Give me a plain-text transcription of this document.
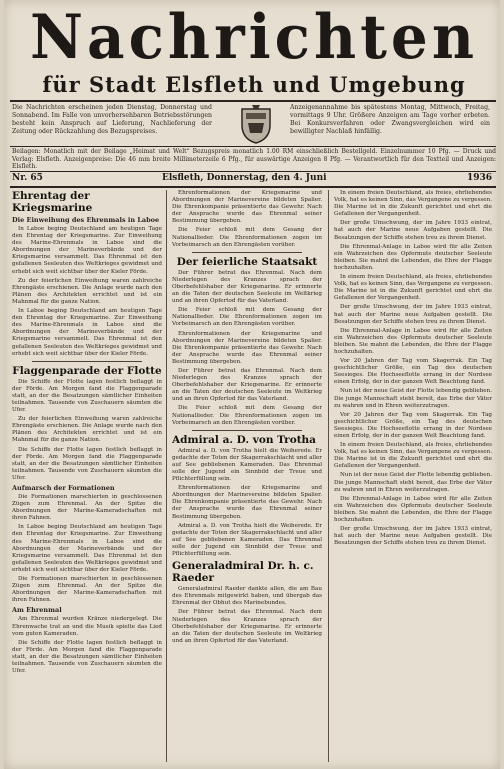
Nachrichten
für Stadt Elsfleth und Umgebung
Die Nachrichten erscheinen jeden Dienstag, Donnerstag und Sonnabend. Im Falle von unvorhersehbaren Betriebsstörungen besteht kein Anspruch auf Lieferung, Nachlieferung der Zeitung oder Rückzahlung des Bezugspreises.
Anzeigenannahme bis spätestens Montag, Mittwoch, Freitag, vormittags 9 Uhr. Größere Anzeigen am Tage vorher erbeten. Bei Konkursverfahren oder Zwangsvergleichen wird ein bewilligter Nachlaß hinfällig.
Beilagen: Monatlich mit der Beilage „Heimat und Welt“ Bezugspreis monatlich 1.00 RM einschließlich Bestellgeld. Einzelnummer 10 Pfg. — Druck und Verlag: Elsfleth. Anzeigenpreise: Die 46 mm breite Millimeterzeile 6 Pfg., für auswärtige Anzeigen 8 Pfg. — Verantwortlich für den Textteil und Anzeigen: Elsfleth.
Nr. 65	Elsfleth, Donnerstag, den 4. Juni	1936

Ehrentag der Kriegsmarine

Die Einweihung des Ehrenmals in Laboe

In Laboe beging Deutschland am heutigen Tage den Ehrentag der Kriegsmarine. Zur Einweihung des Marine-Ehrenmals in Laboe sind die Abordnungen der Marineverbände und der Kriegsmarine versammelt. Das Ehrenmal ist den gefallenen Seeleuten des Weltkrieges gewidmet und erhebt sich weit sichtbar über der Kieler Förde.

Zu der feierlichen Einweihung waren zahlreiche Ehrengäste erschienen. Die Anlage wurde nach den Plänen des Architekten errichtet und ist ein Mahnmal für die ganze Nation.

In Laboe beging Deutschland am heutigen Tage den Ehrentag der Kriegsmarine. Zur Einweihung des Marine-Ehrenmals in Laboe sind die Abordnungen der Marineverbände und der Kriegsmarine versammelt. Das Ehrenmal ist den gefallenen Seeleuten des Weltkrieges gewidmet und erhebt sich weit sichtbar über der Kieler Förde.

Flaggenparade der Flotte

Die Schiffe der Flotte lagen festlich beflaggt in der Förde. Am Morgen fand die Flaggenparade statt, an der die Besatzungen sämtlicher Einheiten teilnahmen. Tausende von Zuschauern säumten die Ufer.

Zu der feierlichen Einweihung waren zahlreiche Ehrengäste erschienen. Die Anlage wurde nach den Plänen des Architekten errichtet und ist ein Mahnmal für die ganze Nation.

Die Schiffe der Flotte lagen festlich beflaggt in der Förde. Am Morgen fand die Flaggenparade statt, an der die Besatzungen sämtlicher Einheiten teilnahmen. Tausende von Zuschauern säumten die Ufer.

Aufmarsch der Formationen

Die Formationen marschierten in geschlossenen Zügen zum Ehrenmal. An der Spitze die Abordnungen der Marine-Kameradschaften mit ihren Fahnen.

In Laboe beging Deutschland am heutigen Tage den Ehrentag der Kriegsmarine. Zur Einweihung des Marine-Ehrenmals in Laboe sind die Abordnungen der Marineverbände und der Kriegsmarine versammelt. Das Ehrenmal ist den gefallenen Seeleuten des Weltkrieges gewidmet und erhebt sich weit sichtbar über der Kieler Förde.

Die Formationen marschierten in geschlossenen Zügen zum Ehrenmal. An der Spitze die Abordnungen der Marine-Kameradschaften mit ihren Fahnen.

Am Ehrenmal

Am Ehrenmal wurden Kränze niedergelegt. Die Ehrenwache trat an und die Musik spielte das Lied vom guten Kameraden.

Die Schiffe der Flotte lagen festlich beflaggt in der Förde. Am Morgen fand die Flaggenparade statt, an der die Besatzungen sämtlicher Einheiten teilnahmen. Tausende von Zuschauern säumten die Ufer.

Ehrenformationen der Kriegsmarine und Abordnungen der Marinevereine bildeten Spalier. Die Ehrenkompanie präsentierte das Gewehr. Nach der Ansprache wurde das Ehrenmal seiner Bestimmung übergeben.

Die Feier schloß mit dem Gesang der Nationallieder. Die Ehrenformationen zogen im Vorbeimarsch an den Ehrengästen vorüber.

Der feierliche Staatsakt

Der Führer betrat das Ehrenmal. Nach dem Niederlegen des Kranzes sprach der Oberbefehlshaber der Kriegsmarine. Er erinnerte an die Taten der deutschen Seeleute im Weltkrieg und an ihren Opfertod für das Vaterland.

Die Feier schloß mit dem Gesang der Nationallieder. Die Ehrenformationen zogen im Vorbeimarsch an den Ehrengästen vorüber.

Ehrenformationen der Kriegsmarine und Abordnungen der Marinevereine bildeten Spalier. Die Ehrenkompanie präsentierte das Gewehr. Nach der Ansprache wurde das Ehrenmal seiner Bestimmung übergeben.

Der Führer betrat das Ehrenmal. Nach dem Niederlegen des Kranzes sprach der Oberbefehlshaber der Kriegsmarine. Er erinnerte an die Taten der deutschen Seeleute im Weltkrieg und an ihren Opfertod für das Vaterland.

Die Feier schloß mit dem Gesang der Nationallieder. Die Ehrenformationen zogen im Vorbeimarsch an den Ehrengästen vorüber.

Admiral a. D. von Trotha

Admiral a. D. von Trotha hielt die Weiherede. Er gedachte der Toten der Skagerrakschlacht und aller auf See gebliebenen Kameraden. Das Ehrenmal solle der Jugend ein Sinnbild der Treue und Pflichterfüllung sein.

Ehrenformationen der Kriegsmarine und Abordnungen der Marinevereine bildeten Spalier. Die Ehrenkompanie präsentierte das Gewehr. Nach der Ansprache wurde das Ehrenmal seiner Bestimmung übergeben.

Admiral a. D. von Trotha hielt die Weiherede. Er gedachte der Toten der Skagerrakschlacht und aller auf See gebliebenen Kameraden. Das Ehrenmal solle der Jugend ein Sinnbild der Treue und Pflichterfüllung sein.

Generaladmiral Dr. h. c. Raeder

Generaladmiral Raeder dankte allen, die am Bau des Ehrenmals mitgewirkt haben, und übergab das Ehrenmal der Obhut des Marinebundes.

Der Führer betrat das Ehrenmal. Nach dem Niederlegen des Kranzes sprach der Oberbefehlshaber der Kriegsmarine. Er erinnerte an die Taten der deutschen Seeleute im Weltkrieg und an ihren Opfertod für das Vaterland.

In einem freien Deutschland, als freies, ehrliebendes Volk, hat es keinen Sinn, das Vergangene zu vergessen. Die Marine ist in die Zukunft gerichtet und ehrt die Gefallenen der Vergangenheit.

Der große Umschwung, der im Jahre 1933 eintrat, hat auch der Marine neue Aufgaben gestellt. Die Besatzungen der Schiffe stehen treu zu ihrem Dienst.

Die Ehrenmal-Anlage in Laboe wird für alle Zeiten ein Wahrzeichen des Opfermuts deutscher Seeleute bleiben. Sie mahnt die Lebenden, die Ehre der Flagge hochzuhalten.

In einem freien Deutschland, als freies, ehrliebendes Volk, hat es keinen Sinn, das Vergangene zu vergessen. Die Marine ist in die Zukunft gerichtet und ehrt die Gefallenen der Vergangenheit.

Der große Umschwung, der im Jahre 1933 eintrat, hat auch der Marine neue Aufgaben gestellt. Die Besatzungen der Schiffe stehen treu zu ihrem Dienst.

Die Ehrenmal-Anlage in Laboe wird für alle Zeiten ein Wahrzeichen des Opfermuts deutscher Seeleute bleiben. Sie mahnt die Lebenden, die Ehre der Flagge hochzuhalten.

Vor 20 Jahren der Tag vom Skagerrak. Ein Tag geschichtlicher Größe, ein Tag des deutschen Seesieges. Die Hochseeflotte errang in der Nordsee einen Erfolg, der in der ganzen Welt Beachtung fand.

Nun ist der neue Geist der Flotte lebendig geblieben. Die junge Mannschaft steht bereit, das Erbe der Väter zu wahren und in Ehren weiterzutragen.

Vor 20 Jahren der Tag vom Skagerrak. Ein Tag geschichtlicher Größe, ein Tag des deutschen Seesieges. Die Hochseeflotte errang in der Nordsee einen Erfolg, der in der ganzen Welt Beachtung fand.

In einem freien Deutschland, als freies, ehrliebendes Volk, hat es keinen Sinn, das Vergangene zu vergessen. Die Marine ist in die Zukunft gerichtet und ehrt die Gefallenen der Vergangenheit.

Nun ist der neue Geist der Flotte lebendig geblieben. Die junge Mannschaft steht bereit, das Erbe der Väter zu wahren und in Ehren weiterzutragen.

Die Ehrenmal-Anlage in Laboe wird für alle Zeiten ein Wahrzeichen des Opfermuts deutscher Seeleute bleiben. Sie mahnt die Lebenden, die Ehre der Flagge hochzuhalten.

Der große Umschwung, der im Jahre 1933 eintrat, hat auch der Marine neue Aufgaben gestellt. Die Besatzungen der Schiffe stehen treu zu ihrem Dienst.
